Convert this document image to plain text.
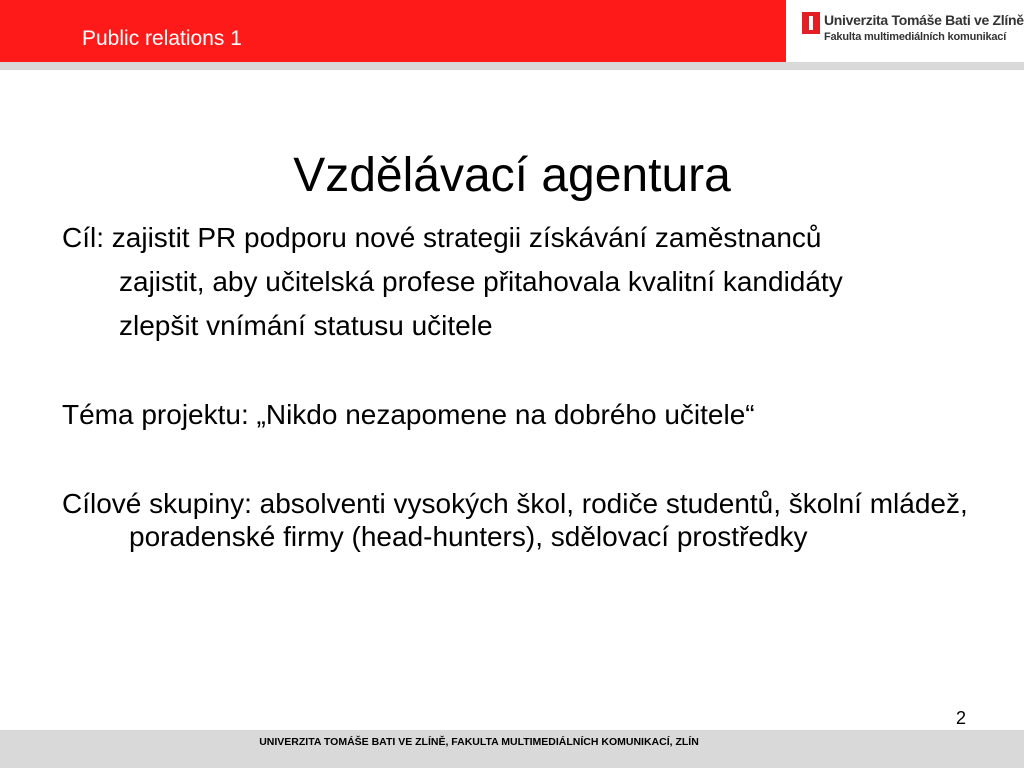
Public relations 1
Univerzita Tomáše Bati ve Zlíně
Fakulta multimediálních komunikací
Vzdělávací agentura

Cíl: zajistit PR podporu nové strategii získávání zaměstnanců

zajistit, aby učitelská profese přitahovala kvalitní kandidáty

zlepšit vnímání statusu učitele

Téma projektu: „Nikdo nezapomene na dobrého učitele“

Cílové skupiny: absolventi vysokých škol, rodiče studentů, školní mládež, poradenské firmy (head-hunters), sdělovací prostředky

2
UNIVERZITA TOMÁŠE BATI VE ZLÍNĚ, FAKULTA MULTIMEDIÁLNÍCH KOMUNIKACÍ, ZLÍN
